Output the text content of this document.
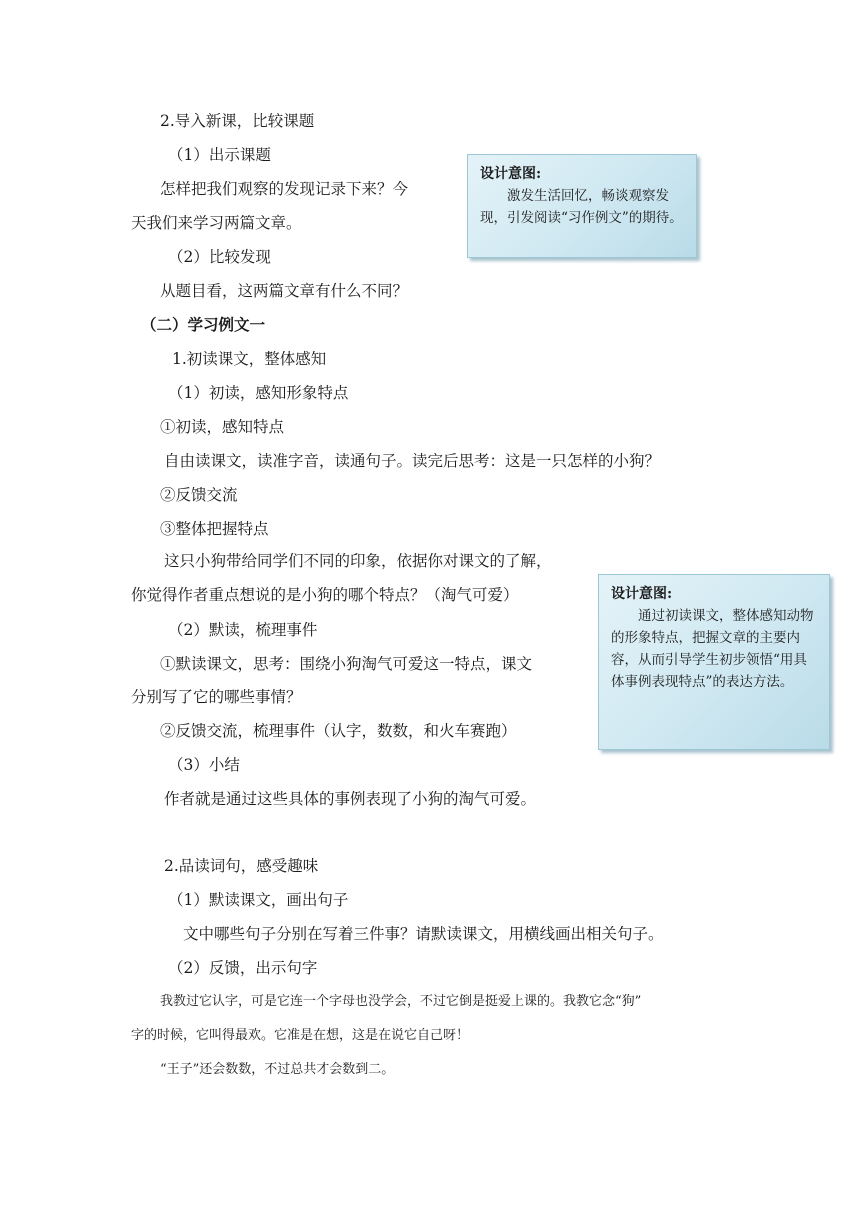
2.导入新课，比较课题
（1）出示课题
怎样把我们观察的发现记录下来？今
天我们来学习两篇文章。
（2）比较发现
从题目看，这两篇文章有什么不同？
（二）学习例文一
1.初读课文，整体感知
（1）初读，感知形象特点
①初读，感知特点
自由读课文，读准字音，读通句子。读完后思考：这是一只怎样的小狗？
②反馈交流
③整体把握特点
这只小狗带给同学们不同的印象，依据你对课文的了解，
你觉得作者重点想说的是小狗的哪个特点？（淘气可爱）
（2）默读，梳理事件
①默读课文，思考：围绕小狗淘气可爱这一特点，课文
分别写了它的哪些事情？
②反馈交流，梳理事件（认字，数数，和火车赛跑）
（3）小结
作者就是通过这些具体的事例表现了小狗的淘气可爱。
2.品读词句，感受趣味
（1）默读课文，画出句子
文中哪些句子分别在写着三件事？请默读课文，用横线画出相关句子。
（2）反馈，出示句字
我教过它认字，可是它连一个字母也没学会，不过它倒是挺爱上课的。我教它念“狗”
字的时候，它叫得最欢。它准是在想，这是在说它自己呀！
“王子”还会数数，不过总共才会数到二。
设计意图:

激发生活回忆，畅谈观察发现，引发阅读“习作例文”的期待。

设计意图:

通过初读课文，整体感知动物的形象特点，把握文章的主要内容，从而引导学生初步领悟“用具体事例表现特点”的表达方法。
